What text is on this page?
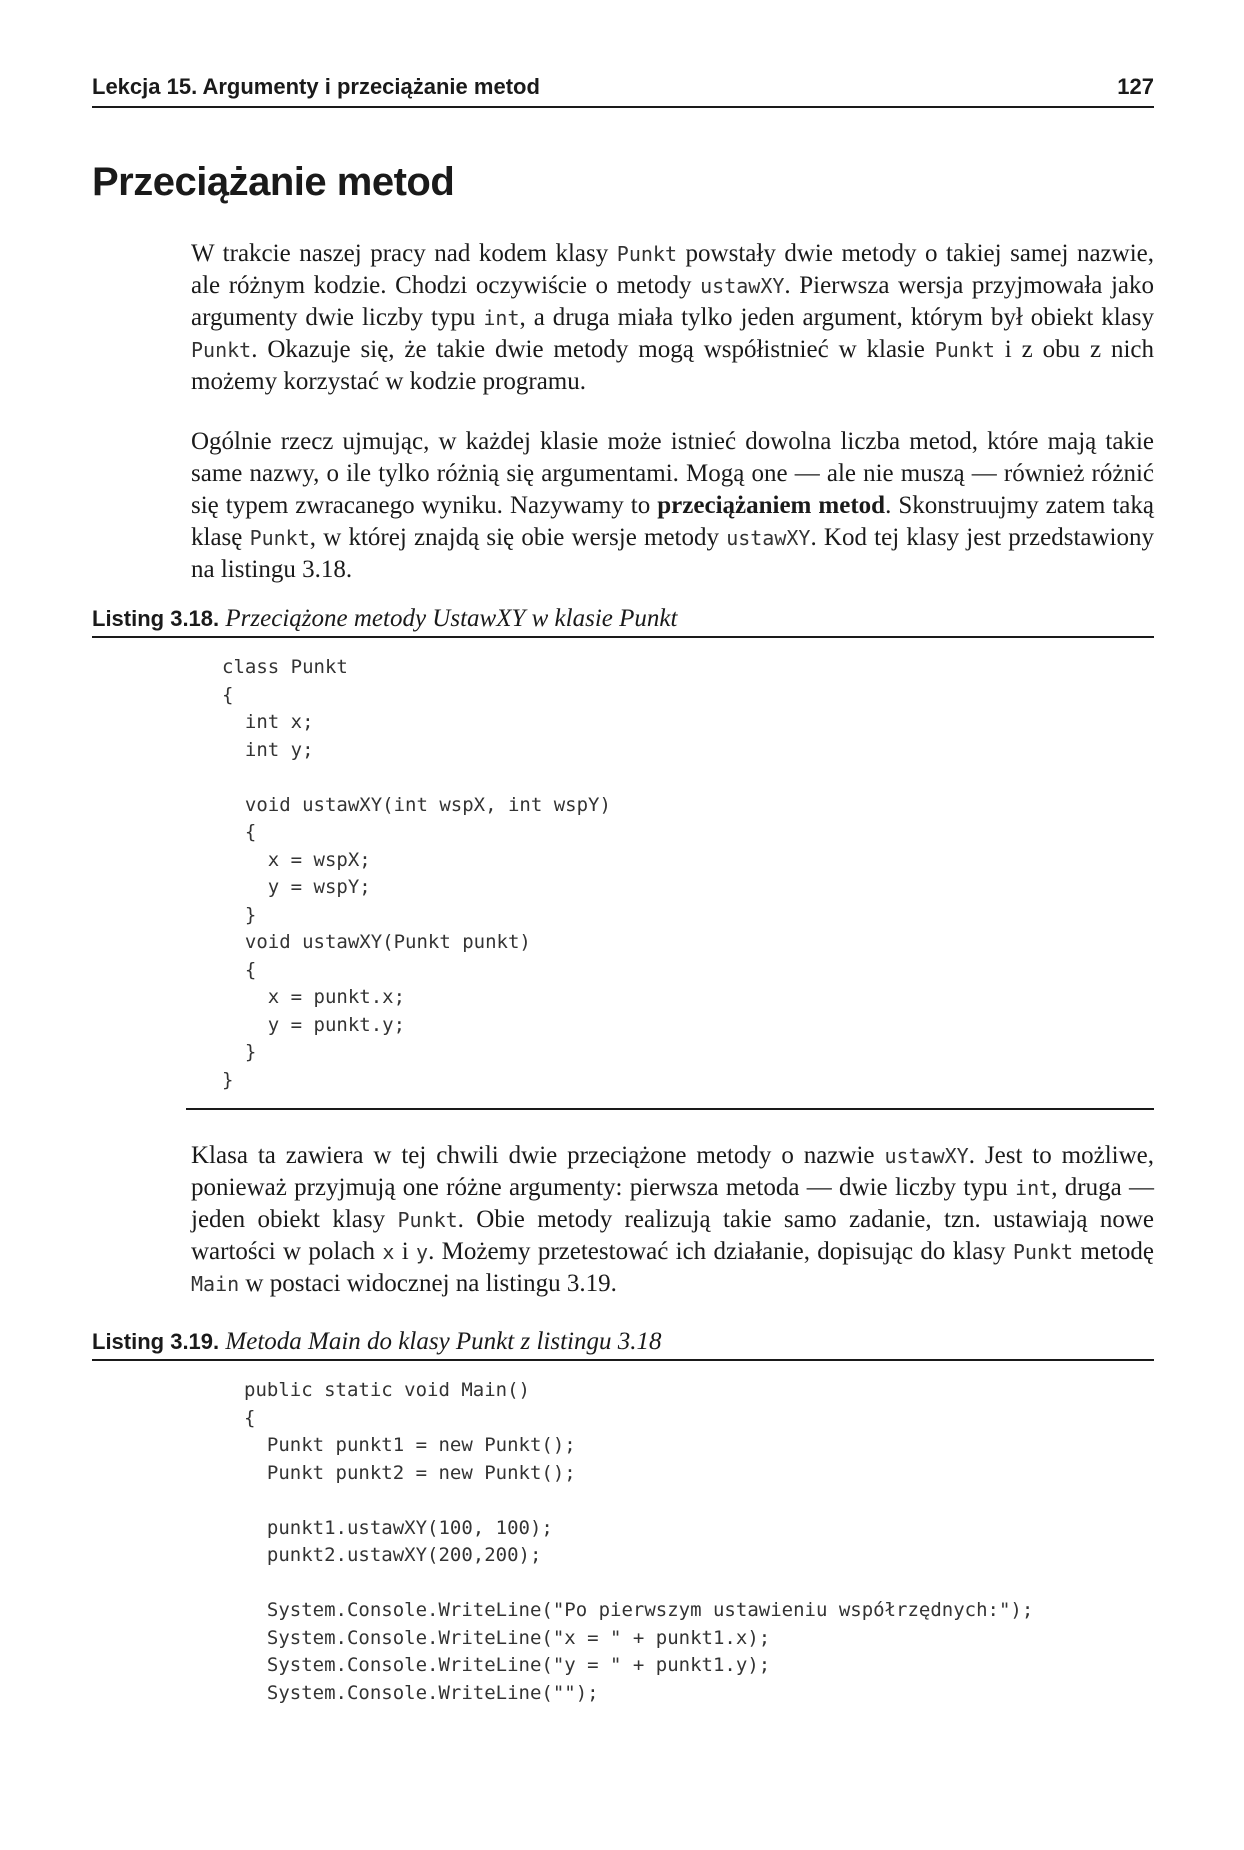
Lekcja 15. Argumenty i przeciążanie metod	127
Przeciążanie metod

W trakcie naszej pracy nad kodem klasy Punkt powstały dwie metody o takiej samej nazwie, ale różnym kodzie. Chodzi oczywiście o metody ustawXY. Pierwsza wersja przyjmowała jako argumenty dwie liczby typu int, a druga miała tylko jeden argument, którym był obiekt klasy Punkt. Okazuje się, że takie dwie metody mogą współistnieć w klasie Punkt i z obu z nich możemy korzystać w kodzie programu.

Ogólnie rzecz ujmując, w każdej klasie może istnieć dowolna liczba metod, które mają takie same nazwy, o ile tylko różnią się argumentami. Mogą one — ale nie muszą — również różnić się typem zwracanego wyniku. Nazywamy to przeciążaniem metod. Skonstruujmy zatem taką klasę Punkt, w której znajdą się obie wersje metody ustawXY. Kod tej klasy jest przedstawiony na listingu 3.18.

Listing 3.18. Przeciążone metody UstawXY w klasie Punkt
class Punkt
{
int x;
int y;

void ustawXY(int wspX, int wspY)
{
x = wspX;
y = wspY;
}
void ustawXY(Punkt punkt)
{
x = punkt.x;
y = punkt.y;
}
}

Klasa ta zawiera w tej chwili dwie przeciążone metody o nazwie ustawXY. Jest to możliwe, ponieważ przyjmują one różne argumenty: pierwsza metoda — dwie liczby typu int, druga — jeden obiekt klasy Punkt. Obie metody realizują takie samo zadanie, tzn. ustawiają nowe wartości w polach x i y. Możemy przetestować ich działanie, dopisując do klasy Punkt metodę Main w postaci widocznej na listingu 3.19.

Listing 3.19. Metoda Main do klasy Punkt z listingu 3.18
public static void Main()
{
Punkt punkt1 = new Punkt();
Punkt punkt2 = new Punkt();

punkt1.ustawXY(100, 100);
punkt2.ustawXY(200,200);

System.Console.WriteLine("Po pierwszym ustawieniu współrzędnych:");
System.Console.WriteLine("x = " + punkt1.x);
System.Console.WriteLine("y = " + punkt1.y);
System.Console.WriteLine("");
